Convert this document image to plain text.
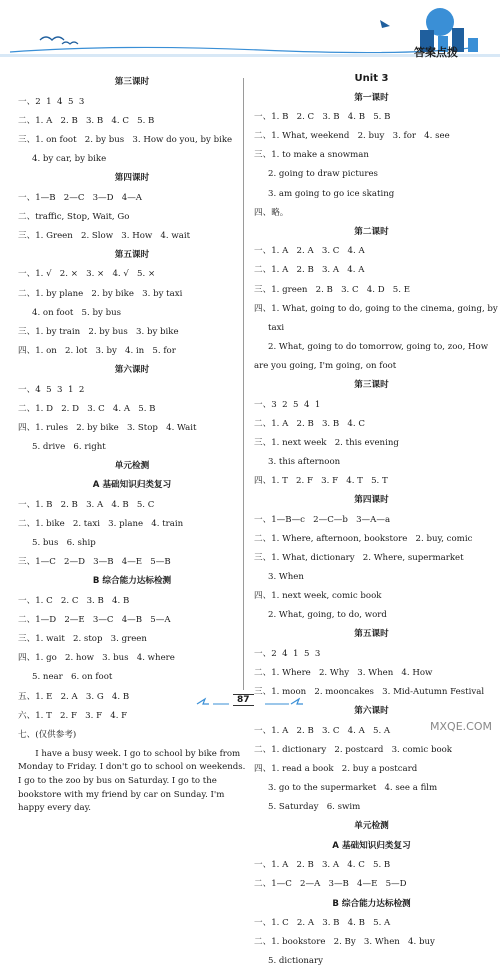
答案点拨
第三课时
一、2  1  4  5  3
二、1. A   2. B   3. B   4. C   5. B
三、1. on foot   2. by bus   3. How do you, by bike
4. by car, by bike
第四课时
一、1—B   2—C   3—D   4—A
二、traffic, Stop, Wait, Go
三、1. Green   2. Slow   3. How   4. wait
第五课时
一、1. √   2. ×   3. ×   4. √   5. ×
二、1. by plane   2. by bike   3. by taxi
4. on foot   5. by bus
三、1. by train   2. by bus   3. by bike
四、1. on   2. lot   3. by   4. in   5. for
第六课时
一、4  5  3  1  2
二、1. D   2. D   3. C   4. A   5. B
四、1. rules   2. by bike   3. Stop   4. Wait
5. drive   6. right
单元检测
A 基础知识归类复习
一、1. B   2. B   3. A   4. B   5. C
二、1. bike   2. taxi   3. plane   4. train
5. bus   6. ship
三、1—C   2—D   3—B   4—E   5—B
B 综合能力达标检测
一、1. C   2. C   3. B   4. B
二、1—D   2—E   3—C   4—B   5—A
三、1. wait   2. stop   3. green
四、1. go   2. how   3. bus   4. where
5. near   6. on foot
五、1. E   2. A   3. G   4. B
六、1. T   2. F   3. F   4. F
七、(仅供参考)
I have a busy week. I go to school by bike from
Monday to Friday. I don't go to school on weekends.
I go to the zoo by bus on Saturday. I go to the
bookstore with my friend by car on Sunday. I'm
happy every day.
Unit 3
第一课时
一、1. B   2. C   3. B   4. B   5. B
二、1. What, weekend   2. buy   3. for   4. see
三、1. to make a snowman
2. going to draw pictures
3. am going to go ice skating
四、略。
第二课时
一、1. A   2. A   3. C   4. A
二、1. A   2. B   3. A   4. A
三、1. green   2. B   3. C   4. D   5. E
四、1. What, going to do, going to the cinema, going, by
taxi
2. What, going to do tomorrow, going to, zoo, How
are you going, I'm going, on foot
第三课时
一、3  2  5  4  1
二、1. A   2. B   3. B   4. C
三、1. next week   2. this evening
3. this afternoon
四、1. T   2. F   3. F   4. T   5. T
第四课时
一、1—B—c   2—C—b   3—A—a
二、1. Where, afternoon, bookstore   2. buy, comic
三、1. What, dictionary   2. Where, supermarket
3. When
四、1. next week, comic book
2. What, going, to do, word
第五课时
一、2  4  1  5  3
二、1. Where   2. Why   3. When   4. How
三、1. moon   2. mooncakes   3. Mid-Autumn Festival
第六课时
一、1. A   2. B   3. C   4. A   5. A
二、1. dictionary   2. postcard   3. comic book
四、1. read a book   2. buy a postcard
3. go to the supermarket   4. see a film
5. Saturday   6. swim
单元检测
A 基础知识归类复习
一、1. A   2. B   3. A   4. C   5. B
二、1—C   2—A   3—B   4—E   5—D
B 综合能力达标检测
一、1. C   2. A   3. B   4. B   5. A
二、1. bookstore   2. By   3. When   4. buy
5. dictionary
87
MXQE.COM
